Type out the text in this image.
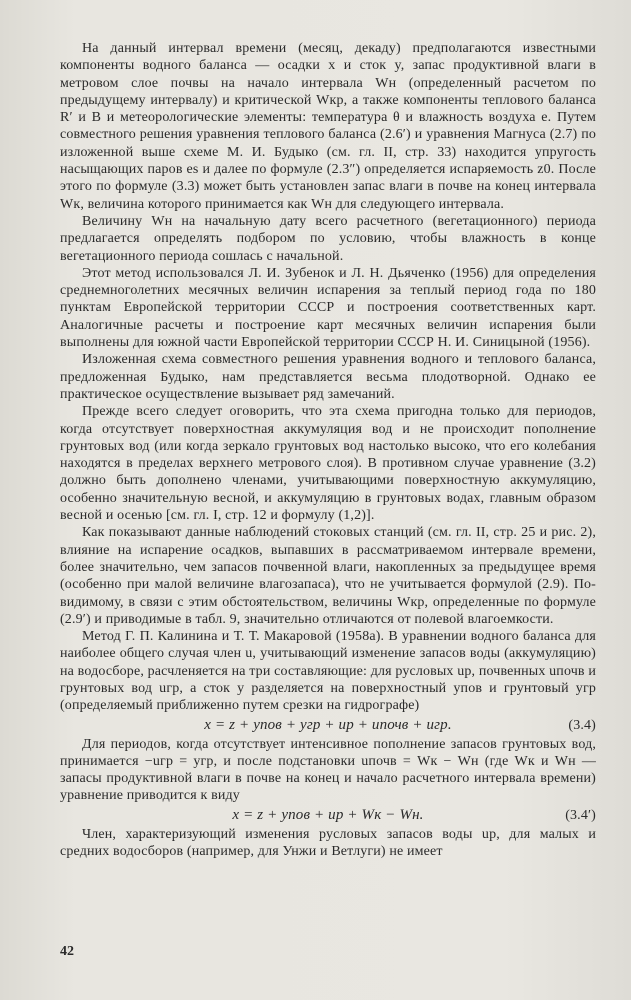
На данный интервал времени (месяц, декаду) предполагаются известными компоненты водного баланса — осадки x и сток y, запас продуктивной влаги в метровом слое почвы на начало интервала Wн (определенный расчетом по предыдущему интервалу) и критической Wкр, а также компоненты теплового баланса R′ и B и метеорологические элементы: температура θ и влажность воздуха e. Путем совместного решения уравнения теплового баланса (2.6′) и уравнения Магнуса (2.7) по изложенной выше схеме М. И. Будыко (см. гл. II, стр. 33) находится упругость насыщающих паров es и далее по формуле (2.3″) определяется испаряемость z0. После этого по формуле (3.3) может быть установлен запас влаги в почве на конец интервала Wк, величина которого принимается как Wн для следующего интервала.

Величину Wн на начальную дату всего расчетного (вегетационного) периода предлагается определять подбором по условию, чтобы влажность в конце вегетационного периода сошлась с начальной.

Этот метод использовался Л. И. Зубенок и Л. Н. Дьяченко (1956) для определения среднемноголетних месячных величин испарения за теплый период года по 180 пунктам Европейской территории СССР и построения соответственных карт. Аналогичные расчеты и построение карт месячных величин испарения были выполнены для южной части Европейской территории СССР Н. И. Синицыной (1956).

Изложенная схема совместного решения уравнения водного и теплового баланса, предложенная Будыко, нам представляется весьма плодотворной. Однако ее практическое осуществление вызывает ряд замечаний.

Прежде всего следует оговорить, что эта схема пригодна только для периодов, когда отсутствует поверхностная аккумуляция вод и не происходит пополнение грунтовых вод (или когда зеркало грунтовых вод настолько высоко, что его колебания находятся в пределах верхнего метрового слоя). В противном случае уравнение (3.2) должно быть дополнено членами, учитывающими поверхностную аккумуляцию, особенно значительную весной, и аккумуляцию в грунтовых водах, главным образом весной и осенью [см. гл. I, стр. 12 и формулу (1,2)].

Как показывают данные наблюдений стоковых станций (см. гл. II, стр. 25 и рис. 2), влияние на испарение осадков, выпавших в рассматриваемом интервале времени, более значительно, чем запасов почвенной влаги, накопленных за предыдущее время (особенно при малой величине влагозапаса), что не учитывается формулой (2.9). По-видимому, в связи с этим обстоятельством, величины Wкр, определенные по формуле (2.9′) и приводимые в табл. 9, значительно отличаются от полевой влагоемкости.

Метод Г. П. Калинина и Т. Т. Макаровой (1958а). В уравнении водного баланса для наиболее общего случая член u, учитывающий изменение запасов воды (аккумуляцию) на водосборе, расчленяется на три составляющие: для русловых uр, почвенных uпочв и грунтовых вод uгр, а сток y разделяется на поверхностный yпов и грунтовый yгр (определяемый приближенно путем срезки на гидрографе)

x = z + yпов + yгр + uр + uпочв + uгр.	(3.4)

Для периодов, когда отсутствует интенсивное пополнение запасов грунтовых вод, принимается −uгр = yгр, и после подстановки uпочв = Wк − Wн (где Wк и Wн — запасы продуктивной влаги в почве на конец и начало расчетного интервала времени) уравнение приводится к виду

x = z + yпов + uр + Wк − Wн.	(3.4′)

Член, характеризующий изменения русловых запасов воды uр, для малых и средних водосборов (например, для Унжи и Ветлуги) не имеет

42
